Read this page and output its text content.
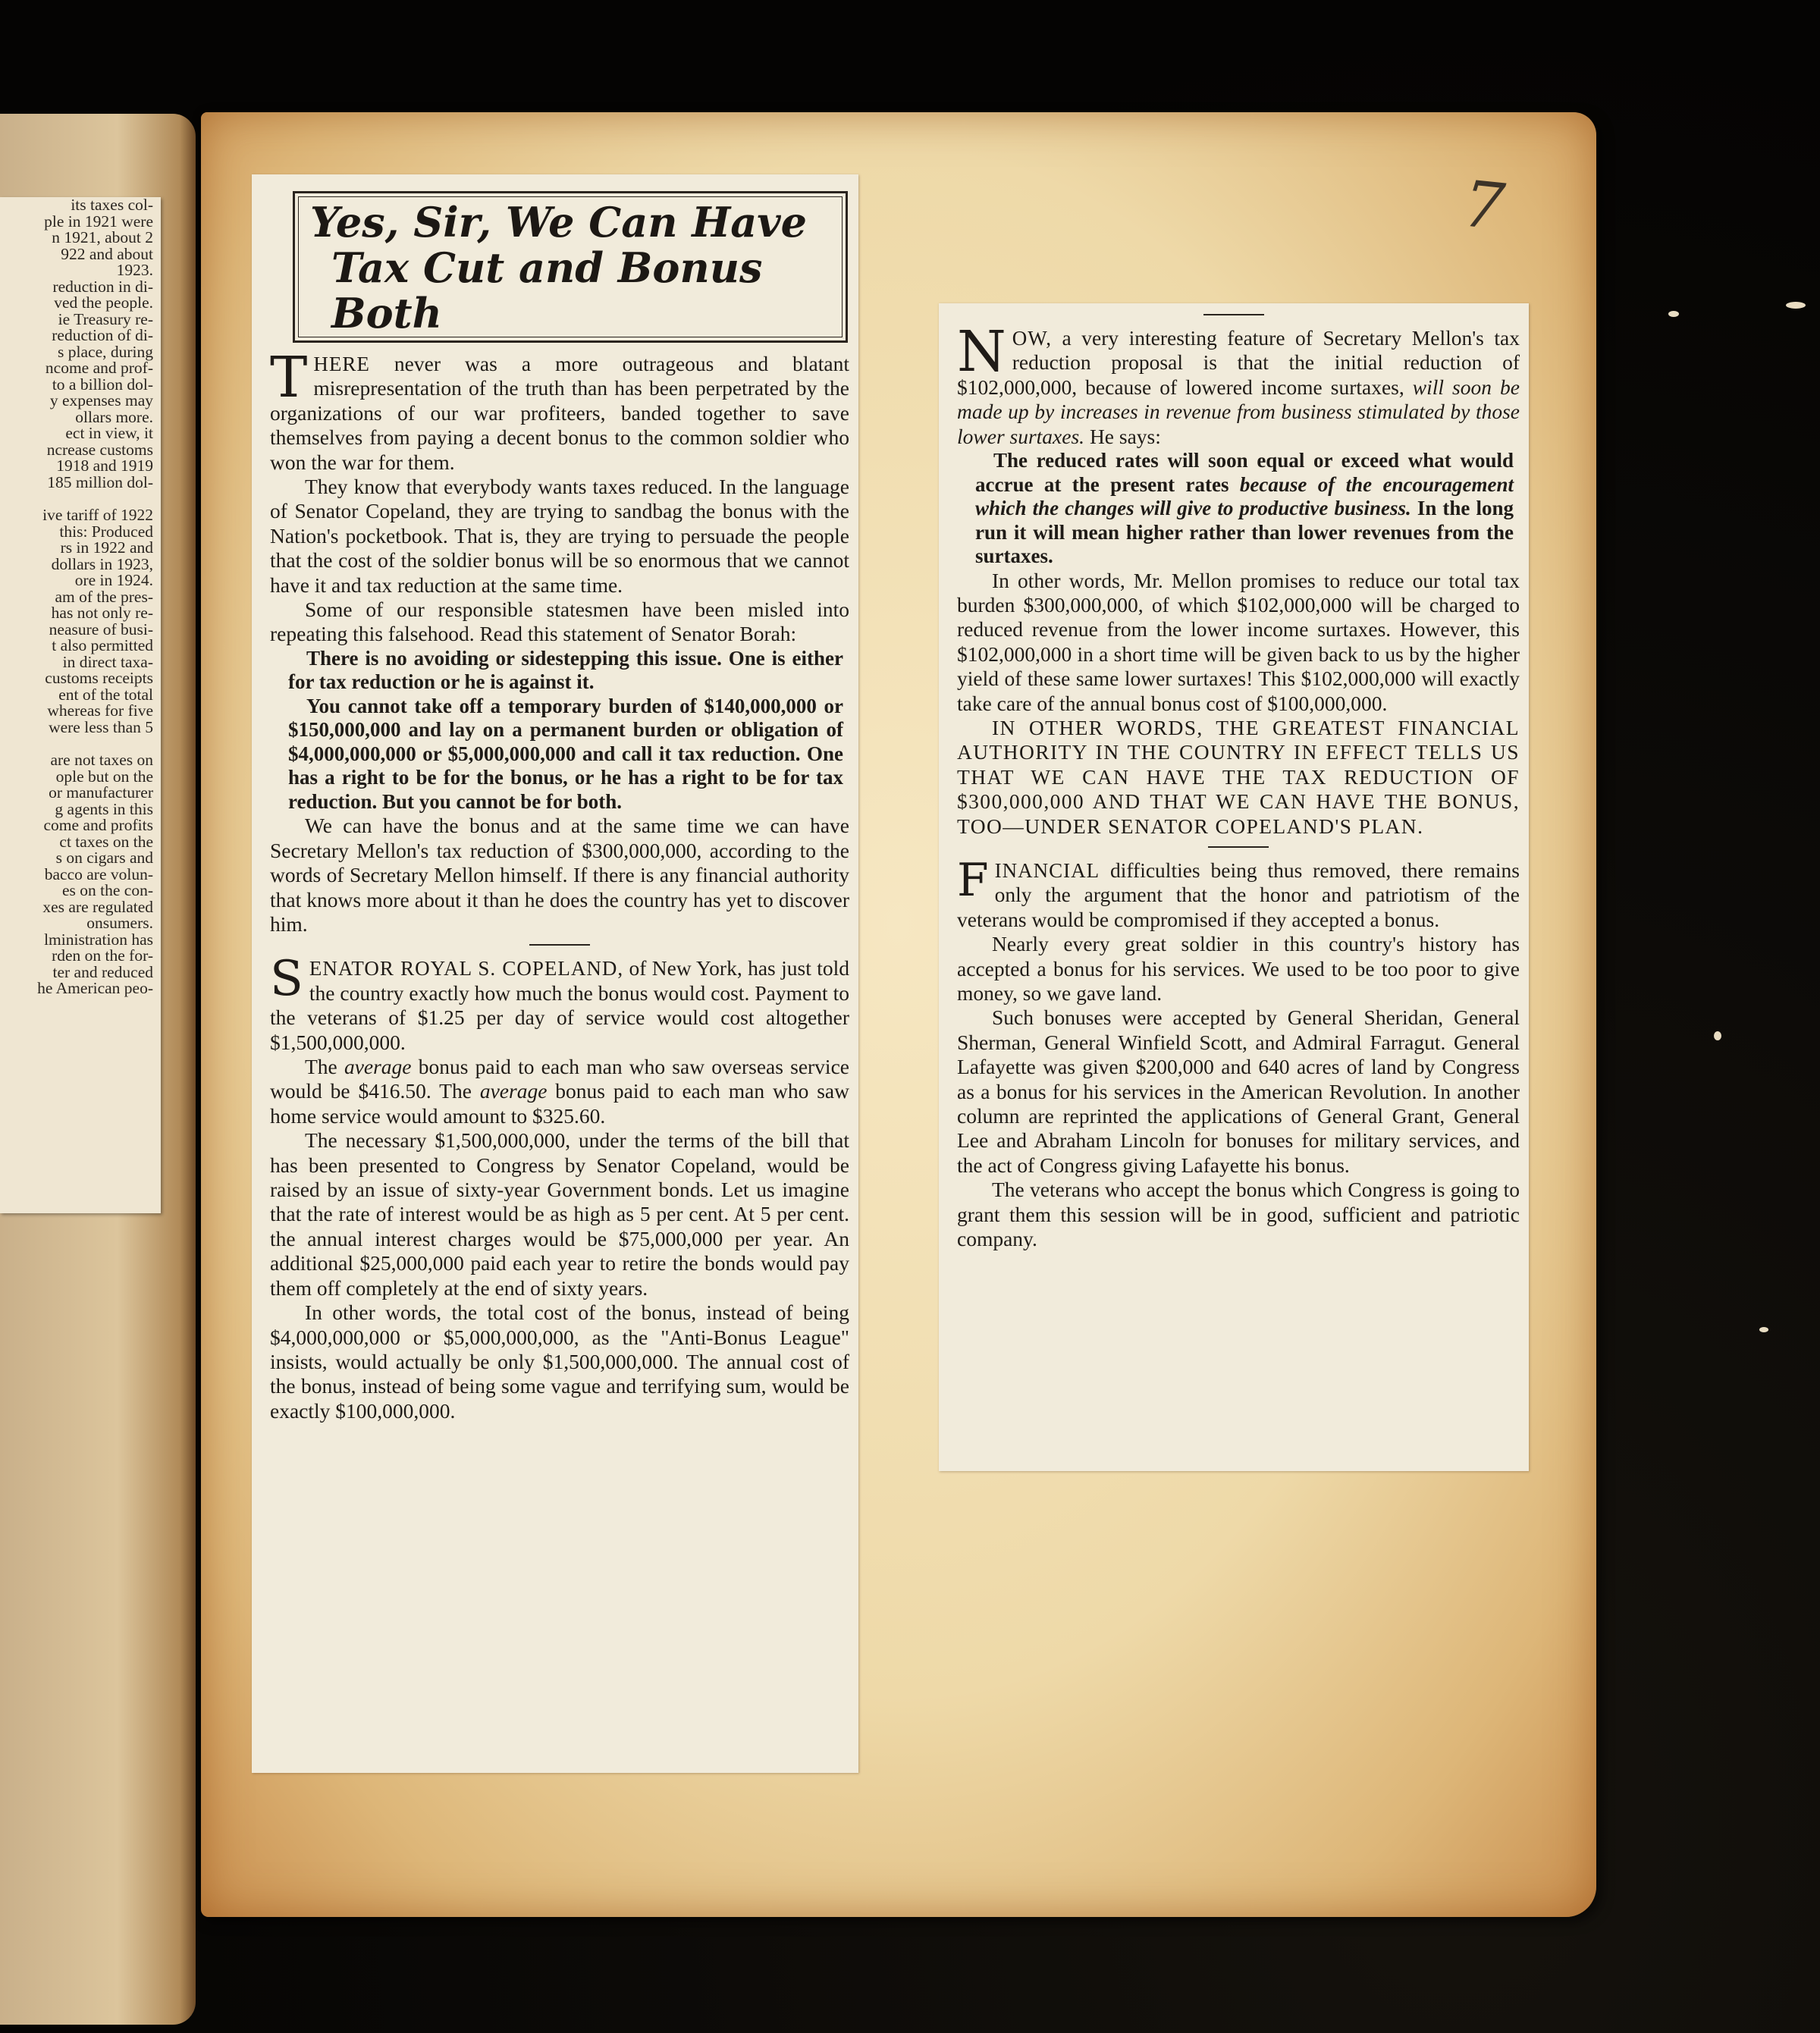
its taxes col-
ple in 1921 were
n 1921, about 2
922 and about
1923.
reduction in di-
ved the people.
ie Treasury re-
reduction of di-
s place, during
ncome and prof-
to a billion dol-
y expenses may
ollars more.
ect in view, it
ncrease customs
1918 and 1919
185 million dol-
ive tariff of 1922
this: Produced
rs in 1922 and
dollars in 1923,
ore in 1924.
am of the pres-
has not only re-
neasure of busi-
t also permitted
in direct taxa-
customs receipts
ent of the total
whereas for five
were less than 5
are not taxes on
ople but on the
or manufacturer
g agents in this
come and profits
ct taxes on the
s on cigars and
bacco are volun-
es on the con-
xes are regulated
onsumers.
lministration has
rden on the for-
ter and reduced
he American peo-
7
Yes, Sir, We Can Have
Tax Cut and Bonus Both

THERE never was a more outrageous and blatant misrepresentation of the truth than has been perpetrated by the organizations of our war profiteers, banded together to save themselves from paying a decent bonus to the common soldier who won the war for them.

They know that everybody wants taxes reduced. In the language of Senator Copeland, they are trying to sandbag the bonus with the Nation's pocketbook. That is, they are trying to persuade the people that the cost of the soldier bonus will be so enormous that we cannot have it and tax reduction at the same time.

Some of our responsible statesmen have been misled into repeating this falsehood. Read this statement of Senator Borah:

There is no avoiding or sidestepping this issue. One is either for tax reduction or he is against it.

You cannot take off a temporary burden of $140,000,000 or $150,000,000 and lay on a permanent burden or obligation of $4,000,000,000 or $5,000,000,000 and call it tax reduction. One has a right to be for the bonus, or he has a right to be for tax reduction. But you cannot be for both.

We can have the bonus and at the same time we can have Secretary Mellon's tax reduction of $300,000,000, according to the words of Secretary Mellon himself. If there is any financial authority that knows more about it than he does the country has yet to discover him.

SENATOR ROYAL S. COPELAND, of New York, has just told the country exactly how much the bonus would cost. Payment to the veterans of $1.25 per day of service would cost altogether $1,500,000,000.

The average bonus paid to each man who saw overseas service would be $416.50. The average bonus paid to each man who saw home service would amount to $325.60.

The necessary $1,500,000,000, under the terms of the bill that has been presented to Congress by Senator Copeland, would be raised by an issue of sixty-year Government bonds. Let us imagine that the rate of interest would be as high as 5 per cent. At 5 per cent. the annual interest charges would be $75,000,000 per year. An additional $25,000,000 paid each year to retire the bonds would pay them off completely at the end of sixty years.

In other words, the total cost of the bonus, instead of being $4,000,000,000 or $5,000,000,000, as the "Anti-Bonus League" insists, would actually be only $1,500,000,000. The annual cost of the bonus, instead of being some vague and terrifying sum, would be exactly $100,000,000.

NOW, a very interesting feature of Secretary Mellon's tax reduction proposal is that the initial reduction of $102,000,000, because of lowered income surtaxes, will soon be made up by increases in revenue from business stimulated by those lower surtaxes. He says:

The reduced rates will soon equal or exceed what would accrue at the present rates because of the encouragement which the changes will give to productive business. In the long run it will mean higher rather than lower revenues from the surtaxes.

In other words, Mr. Mellon promises to reduce our total tax burden $300,000,000, of which $102,000,000 will be charged to reduced revenue from the lower income surtaxes. However, this $102,000,000 in a short time will be given back to us by the higher yield of these same lower surtaxes! This $102,000,000 will exactly take care of the annual bonus cost of $100,000,000.

IN OTHER WORDS, THE GREATEST FINANCIAL AUTHORITY IN THE COUNTRY IN EFFECT TELLS US THAT WE CAN HAVE THE TAX REDUCTION OF $300,000,000 AND THAT WE CAN HAVE THE BONUS, TOO—UNDER SENATOR COPELAND'S PLAN.

FINANCIAL difficulties being thus removed, there remains only the argument that the honor and patriotism of the veterans would be compromised if they accepted a bonus.

Nearly every great soldier in this country's history has accepted a bonus for his services. We used to be too poor to give money, so we gave land.

Such bonuses were accepted by General Sheridan, General Sherman, General Winfield Scott, and Admiral Farragut. General Lafayette was given $200,000 and 640 acres of land by Congress as a bonus for his services in the American Revolution. In another column are reprinted the applications of General Grant, General Lee and Abraham Lincoln for bonuses for military services, and the act of Congress giving Lafayette his bonus.

The veterans who accept the bonus which Congress is going to grant them this session will be in good, sufficient and patriotic company.
